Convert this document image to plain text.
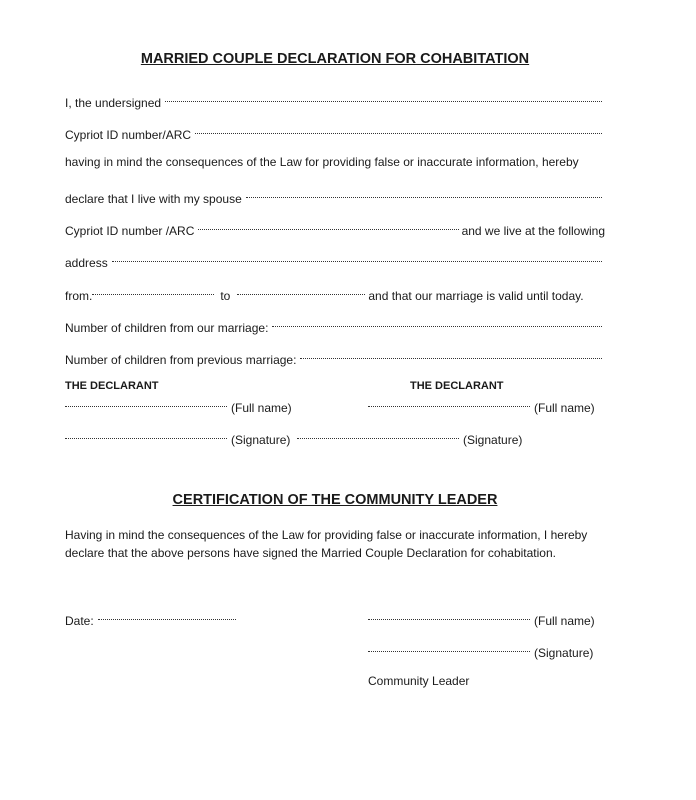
MARRIED COUPLE DECLARATION FOR COHABITATION
I, the undersigned
Cypriot ID number/ARC
having in mind the consequences of the Law for providing false or inaccurate information, hereby
declare that I live with my spouse
Cypriot ID number /ARC	and we live at the following
address
from.	to	and that our marriage is valid until today.
Number of children from our marriage:
Number of children from previous marriage:
THE DECLARANT	THE DECLARANT
(Full name)	(Full name)
(Signature)	(Signature)
CERTIFICATION OF THE COMMUNITY LEADER
Having in mind the consequences of the Law for providing false or inaccurate information, I hereby
declare that the above persons have signed the Married Couple Declaration for cohabitation.
Date:	(Full name)
(Signature)
Community Leader
